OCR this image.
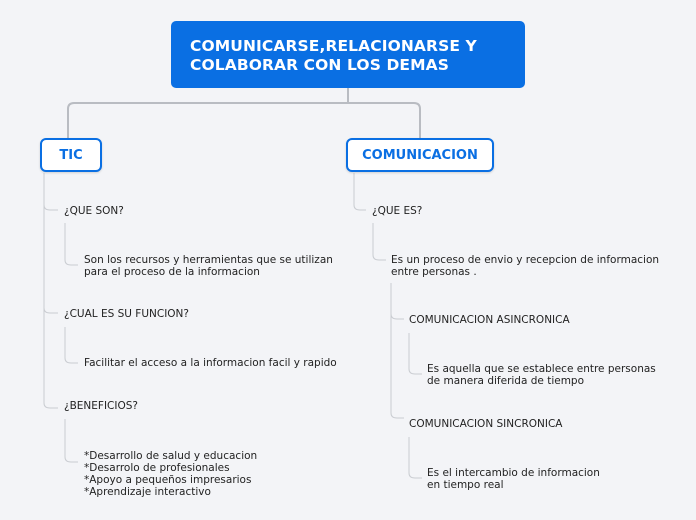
COMUNICARSE,RELACIONARSE Y
COLABORAR CON LOS DEMAS
TIC	COMUNICACION
¿QUE SON?
Son los recursos y herramientas que se utilizan
para el proceso de la informacion
¿CUAL ES SU FUNCION?
Facilitar el acceso a la informacion facil y rapido
¿BENEFICIOS?
*Desarrollo de salud y educacion
*Desarrolo de profesionales
*Apoyo a pequeños impresarios
*Aprendizaje interactivo
¿QUE ES?
Es un proceso de envio y recepcion de informacion
entre personas .
COMUNICACION ASINCRONICA
Es aquella que se establece entre personas
de manera diferida de tiempo
COMUNICACION SINCRONICA
Es el intercambio de informacion
en tiempo real
